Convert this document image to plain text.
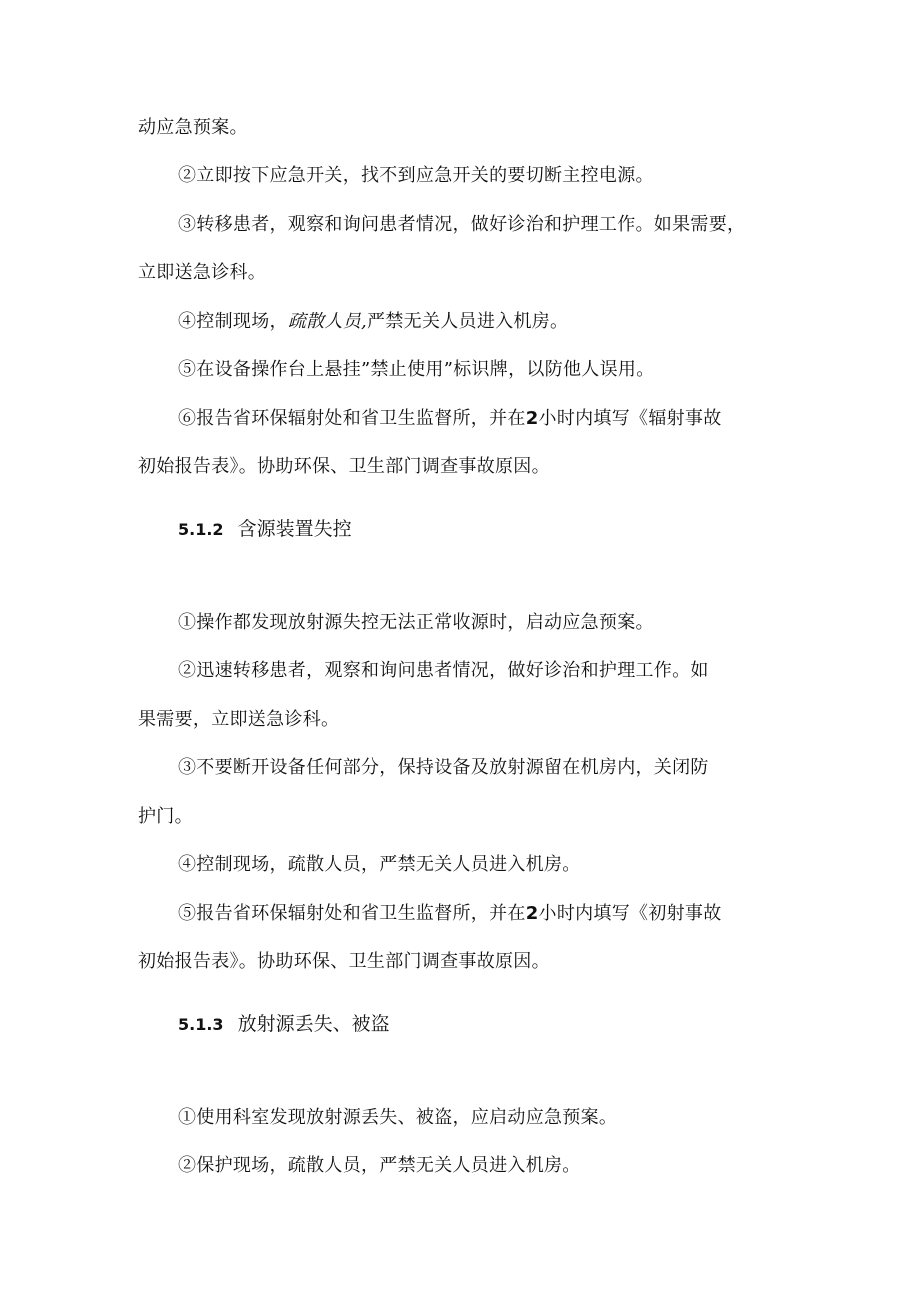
动应急预案。
②立即按下应急开关，找不到应急开关的要切断主控电源。
③转移患者，观察和询问患者情况，做好诊治和护理工作。如果需要，
立即送急诊科。
④控制现场，疏散人员,严禁无关人员进入机房。
⑤在设备操作台上悬挂”禁止使用”标识牌，以防他人误用。
⑥报告省环保辐射处和省卫生监督所，并在2小时内填写《辐射事故
初始报告表》。协助环保、卫生部门调查事故原因。
5.1.2 含源装置失控
①操作都发现放射源失控无法正常收源时，启动应急预案。
②迅速转移患者，观察和询问患者情况，做好诊治和护理工作。如
果需要，立即送急诊科。
③不要断开设备任何部分，保持设备及放射源留在机房内，关闭防
护门。
④控制现场，疏散人员，严禁无关人员进入机房。
⑤报告省环保辐射处和省卫生监督所，并在2小时内填写《初射事故
初始报告表》。协助环保、卫生部门调查事故原因。
5.1.3 放射源丢失、被盗
①使用科室发现放射源丢失、被盗，应启动应急预案。
②保护现场，疏散人员，严禁无关人员进入机房。
